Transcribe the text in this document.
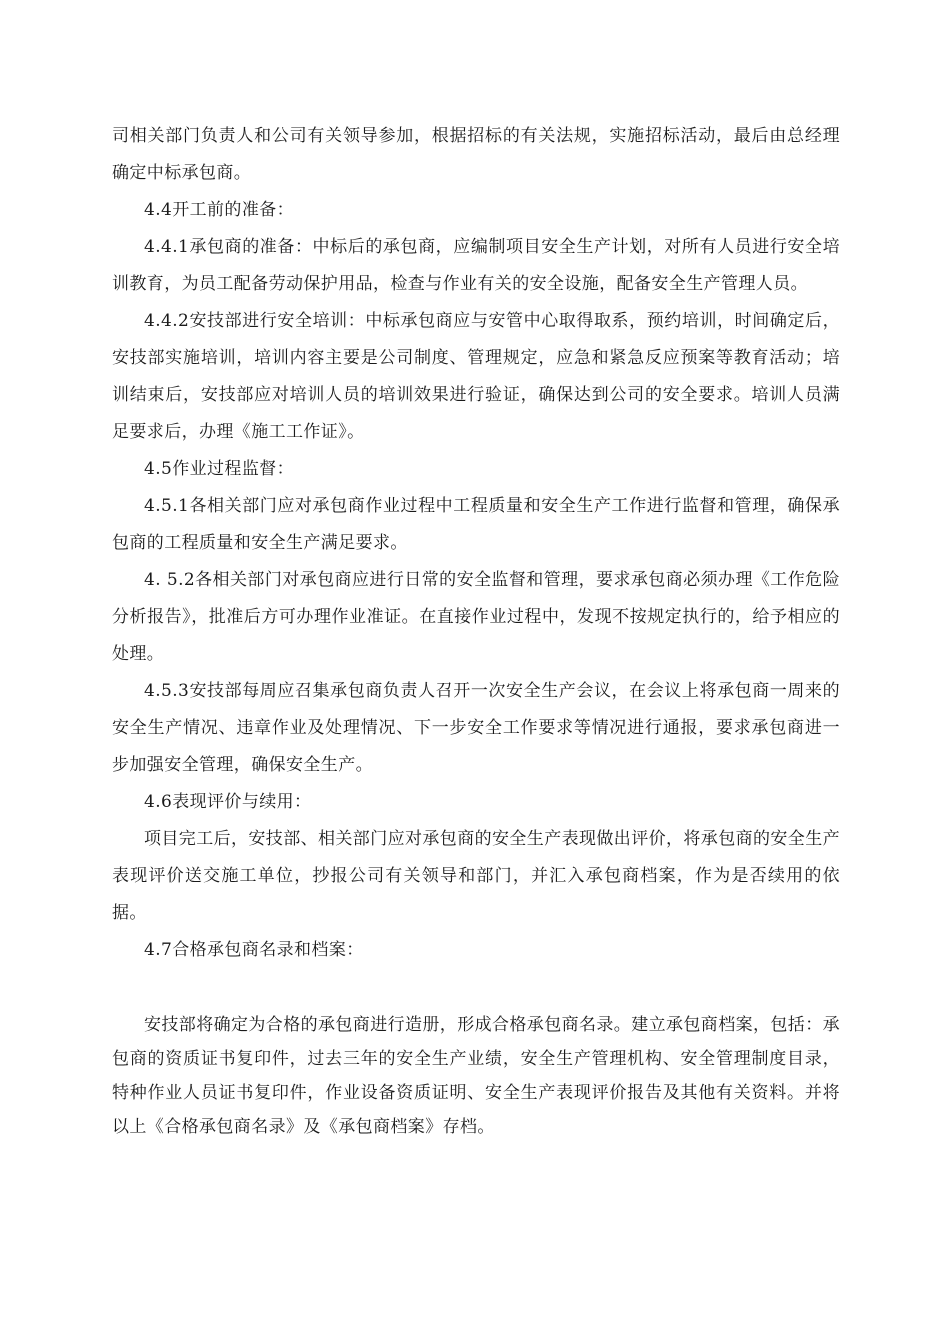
司相关部门负责人和公司有关领导参加，根据招标的有关法规，实施招标活动，最后由总经理确定中标承包商。

4.4开工前的准备：

4.4.1承包商的准备：中标后的承包商，应编制项目安全生产计划，对所有人员进行安全培训教育，为员工配备劳动保护用品，检查与作业有关的安全设施，配备安全生产管理人员。

4.4.2安技部进行安全培训：中标承包商应与安管中心取得取系，预约培训，时间确定后，安技部实施培训，培训内容主要是公司制度、管理规定，应急和紧急反应预案等教育活动；培训结束后，安技部应对培训人员的培训效果进行验证，确保达到公司的安全要求。培训人员满足要求后，办理《施工工作证》。

4.5作业过程监督：

4.5.1各相关部门应对承包商作业过程中工程质量和安全生产工作进行监督和管理，确保承包商的工程质量和安全生产满足要求。

4. 5.2各相关部门对承包商应进行日常的安全监督和管理，要求承包商必须办理《工作危险分析报告》，批准后方可办理作业准证。在直接作业过程中，发现不按规定执行的，给予相应的处理。

4.5.3安技部每周应召集承包商负责人召开一次安全生产会议，在会议上将承包商一周来的安全生产情况、违章作业及处理情况、下一步安全工作要求等情况进行通报，要求承包商进一步加强安全管理，确保安全生产。

4.6表现评价与续用：

项目完工后，安技部、相关部门应对承包商的安全生产表现做出评价，将承包商的安全生产表现评价送交施工单位，抄报公司有关领导和部门，并汇入承包商档案，作为是否续用的依据。

4.7合格承包商名录和档案：

安技部将确定为合格的承包商进行造册，形成合格承包商名录。建立承包商档案，包括：承包商的资质证书复印件，过去三年的安全生产业绩，安全生产管理机构、安全管理制度目录，特种作业人员证书复印件，作业设备资质证明、安全生产表现评价报告及其他有关资料。并将以上《合格承包商名录》及《承包商档案》存档。
